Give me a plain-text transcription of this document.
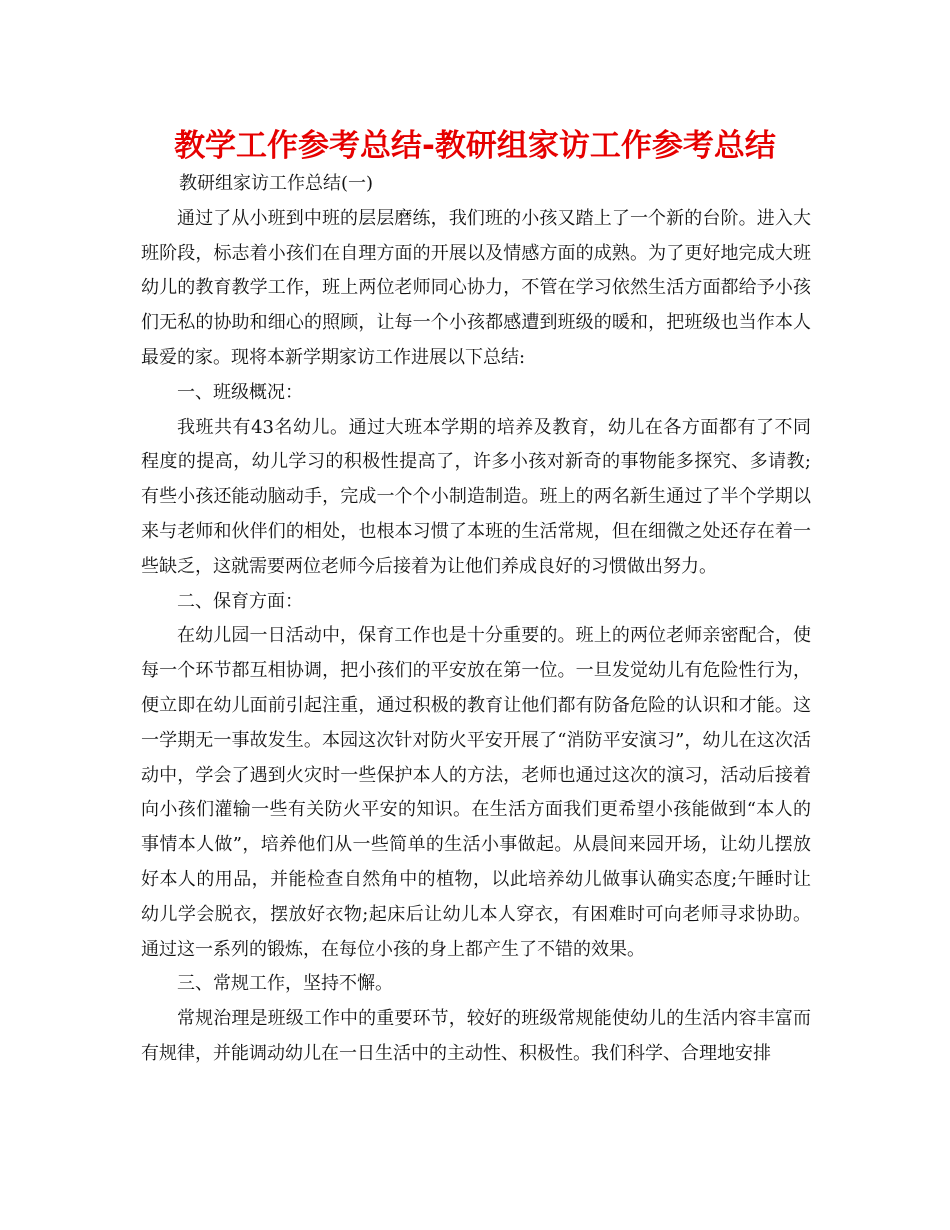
教学工作参考总结-教研组家访工作参考总结

教研组家访工作总结(一)

通过了从小班到中班的层层磨练，我们班的小孩又踏上了一个新的台阶。进入大班阶段，标志着小孩们在自理方面的开展以及情感方面的成熟。为了更好地完成大班幼儿的教育教学工作，班上两位老师同心协力，不管在学习依然生活方面都给予小孩们无私的协助和细心的照顾，让每一个小孩都感遭到班级的暖和，把班级也当作本人最爱的家。现将本新学期家访工作进展以下总结:

一、班级概况：

我班共有43名幼儿。通过大班本学期的培养及教育，幼儿在各方面都有了不同程度的提高，幼儿学习的积极性提高了，许多小孩对新奇的事物能多探究、多请教;有些小孩还能动脑动手，完成一个个小制造制造。班上的两名新生通过了半个学期以来与老师和伙伴们的相处，也根本习惯了本班的生活常规，但在细微之处还存在着一些缺乏，这就需要两位老师今后接着为让他们养成良好的习惯做出努力。

二、保育方面：

在幼儿园一日活动中，保育工作也是十分重要的。班上的两位老师亲密配合，使每一个环节都互相协调，把小孩们的平安放在第一位。一旦发觉幼儿有危险性行为，便立即在幼儿面前引起注重，通过积极的教育让他们都有防备危险的认识和才能。这一学期无一事故发生。本园这次针对防火平安开展了“消防平安演习”，幼儿在这次活动中，学会了遇到火灾时一些保护本人的方法，老师也通过这次的演习，活动后接着向小孩们灌输一些有关防火平安的知识。在生活方面我们更希望小孩能做到“本人的事情本人做”，培养他们从一些简单的生活小事做起。从晨间来园开场，让幼儿摆放好本人的用品，并能检查自然角中的植物，以此培养幼儿做事认确实态度;午睡时让幼儿学会脱衣，摆放好衣物;起床后让幼儿本人穿衣，有困难时可向老师寻求协助。通过这一系列的锻炼，在每位小孩的身上都产生了不错的效果。

三、常规工作，坚持不懈。

常规治理是班级工作中的重要环节，较好的班级常规能使幼儿的生活内容丰富而有规律，并能调动幼儿在一日生活中的主动性、积极性。我们科学、合理地安排
